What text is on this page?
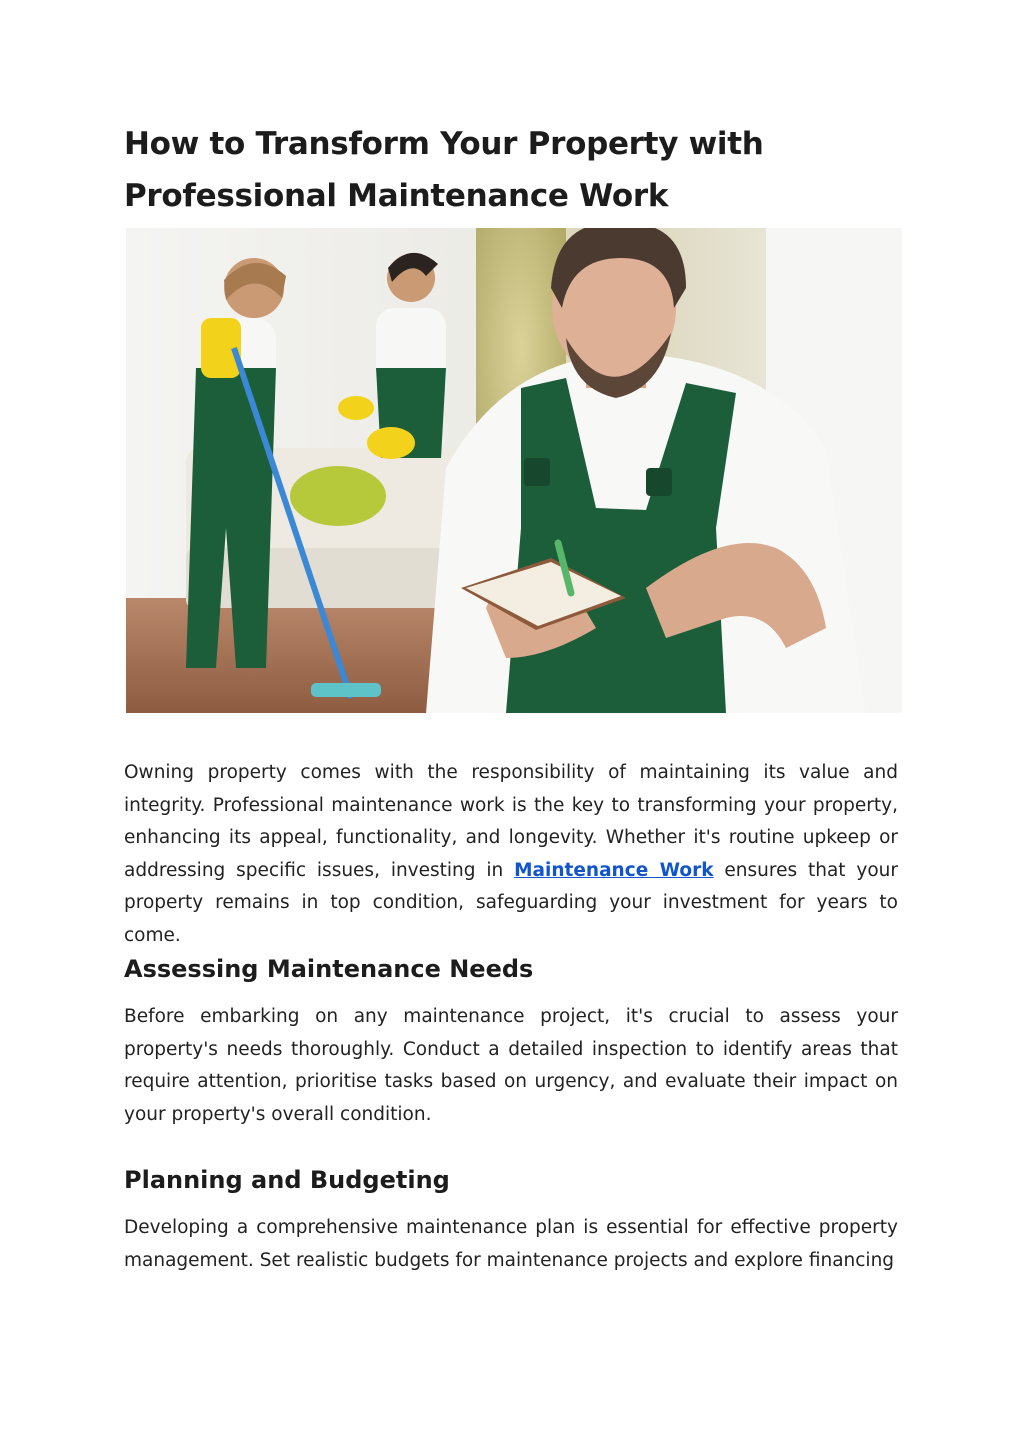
How to Transform Your Property with Professional Maintenance Work

Owning property comes with the responsibility of maintaining its value and integrity. Professional maintenance work is the key to transforming your property, enhancing its appeal, functionality, and longevity. Whether it's routine upkeep or addressing specific issues, investing in Maintenance Work ensures that your property remains in top condition, safeguarding your investment for years to come.

Assessing Maintenance Needs

Before embarking on any maintenance project, it's crucial to assess your property's needs thoroughly. Conduct a detailed inspection to identify areas that require attention, prioritise tasks based on urgency, and evaluate their impact on your property's overall condition.

Planning and Budgeting

Developing a comprehensive maintenance plan is essential for effective property management. Set realistic budgets for maintenance projects and explore financing
